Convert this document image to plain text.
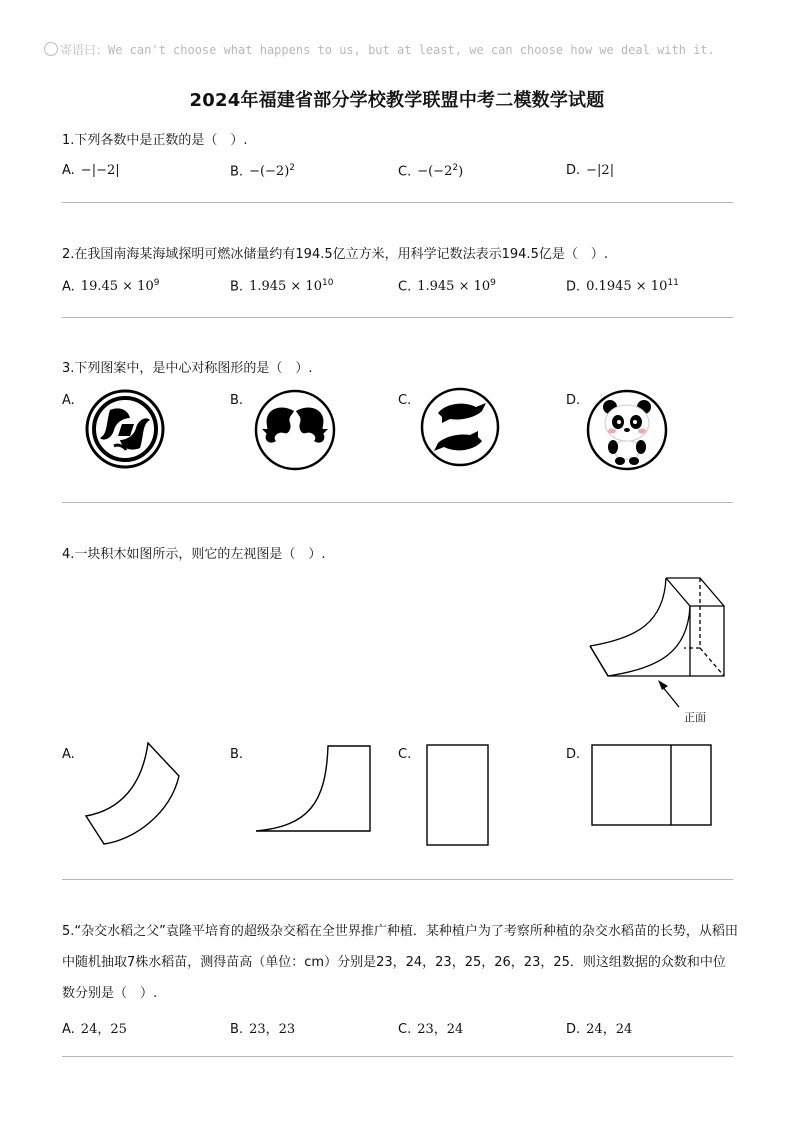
寄语曰：We can't choose what happens to us, but at least, we can choose how we deal with it.
2024年福建省部分学校教学联盟中考二模数学试题
1.下列各数中是正数的是（　）.
A. −|−2|	B. $-(-2)^2$	C. $-(-2^2)$	D. −|2|
2.在我国南海某海域探明可燃冰储量约有194.5亿立方米，用科学记数法表示194.5亿是（　）.
A. $19.45 \times 10^9$	B. $1.945 \times 10^{10}$	C. $1.945 \times 10^9$	D. $0.1945 \times 10^{11}$
3.下列图案中，是中心对称图形的是（　）.
A.	B.	C.	D.
4.一块积木如图所示，则它的左视图是（　）.
正面
A.	B.	C.	D.
5.“杂交水稻之父”袁隆平培育的超级杂交稻在全世界推广种植．某种植户为了考察所种植的杂交水稻苗的长势，从稻田中随机抽取7株水稻苗，测得苗高（单位：cm）分别是23，24，23，25，26，23，25．则这组数据的众数和中位数分别是（　）.
A. 24，25	B. 23，23	C. 23，24	D. 24，24
